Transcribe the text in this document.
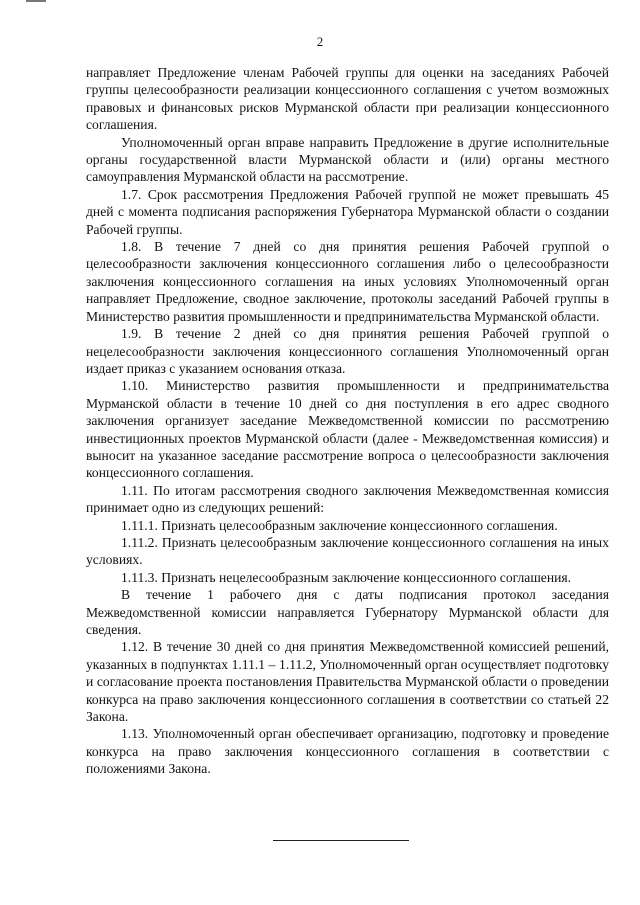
2

направляет Предложение членам Рабочей группы для оценки на заседаниях Рабочей группы целесообразности реализации концессионного соглашения с учетом возможных правовых и финансовых рисков Мурманской области при реализации концессионного соглашения.

Уполномоченный орган вправе направить Предложение в другие исполнительные органы государственной власти Мурманской области и (или) органы местного самоуправления Мурманской области на рассмотрение.

1.7. Срок рассмотрения Предложения Рабочей группой не может превышать 45 дней с момента подписания распоряжения Губернатора Мурманской области о создании Рабочей группы.

1.8. В течение 7 дней со дня принятия решения Рабочей группой о целесообразности заключения концессионного соглашения либо о целесообразности заключения концессионного соглашения на иных условиях Уполномоченный орган направляет Предложение, сводное заключение, протоколы заседаний Рабочей группы в Министерство развития промышленности и предпринимательства Мурманской области.

1.9. В течение 2 дней со дня принятия решения Рабочей группой о нецелесообразности заключения концессионного соглашения Уполномоченный орган издает приказ с указанием основания отказа.

1.10. Министерство развития промышленности и предпринимательства Мурманской области в течение 10 дней со дня поступления в его адрес сводного заключения организует заседание Межведомственной комиссии по рассмотрению инвестиционных проектов Мурманской области (далее - Межведомственная комиссия) и выносит на указанное заседание рассмотрение вопроса о целесообразности заключения концессионного соглашения.

1.11. По итогам рассмотрения сводного заключения Межведомственная комиссия принимает одно из следующих решений:

1.11.1. Признать целесообразным заключение концессионного соглашения.

1.11.2. Признать целесообразным заключение концессионного соглашения на иных условиях.

1.11.3. Признать нецелесообразным заключение концессионного соглашения.

В течение 1 рабочего дня с даты подписания протокол заседания Межведомственной комиссии направляется Губернатору Мурманской области для сведения.

1.12. В течение 30 дней со дня принятия Межведомственной комиссией решений, указанных в подпунктах 1.11.1 – 1.11.2, Уполномоченный орган осуществляет подготовку и согласование проекта постановления Правительства Мурманской области о проведении конкурса на право заключения концессионного соглашения в соответствии со статьей 22 Закона.

1.13. Уполномоченный орган обеспечивает организацию, подготовку и проведение конкурса на право заключения концессионного соглашения в соответствии с положениями Закона.
